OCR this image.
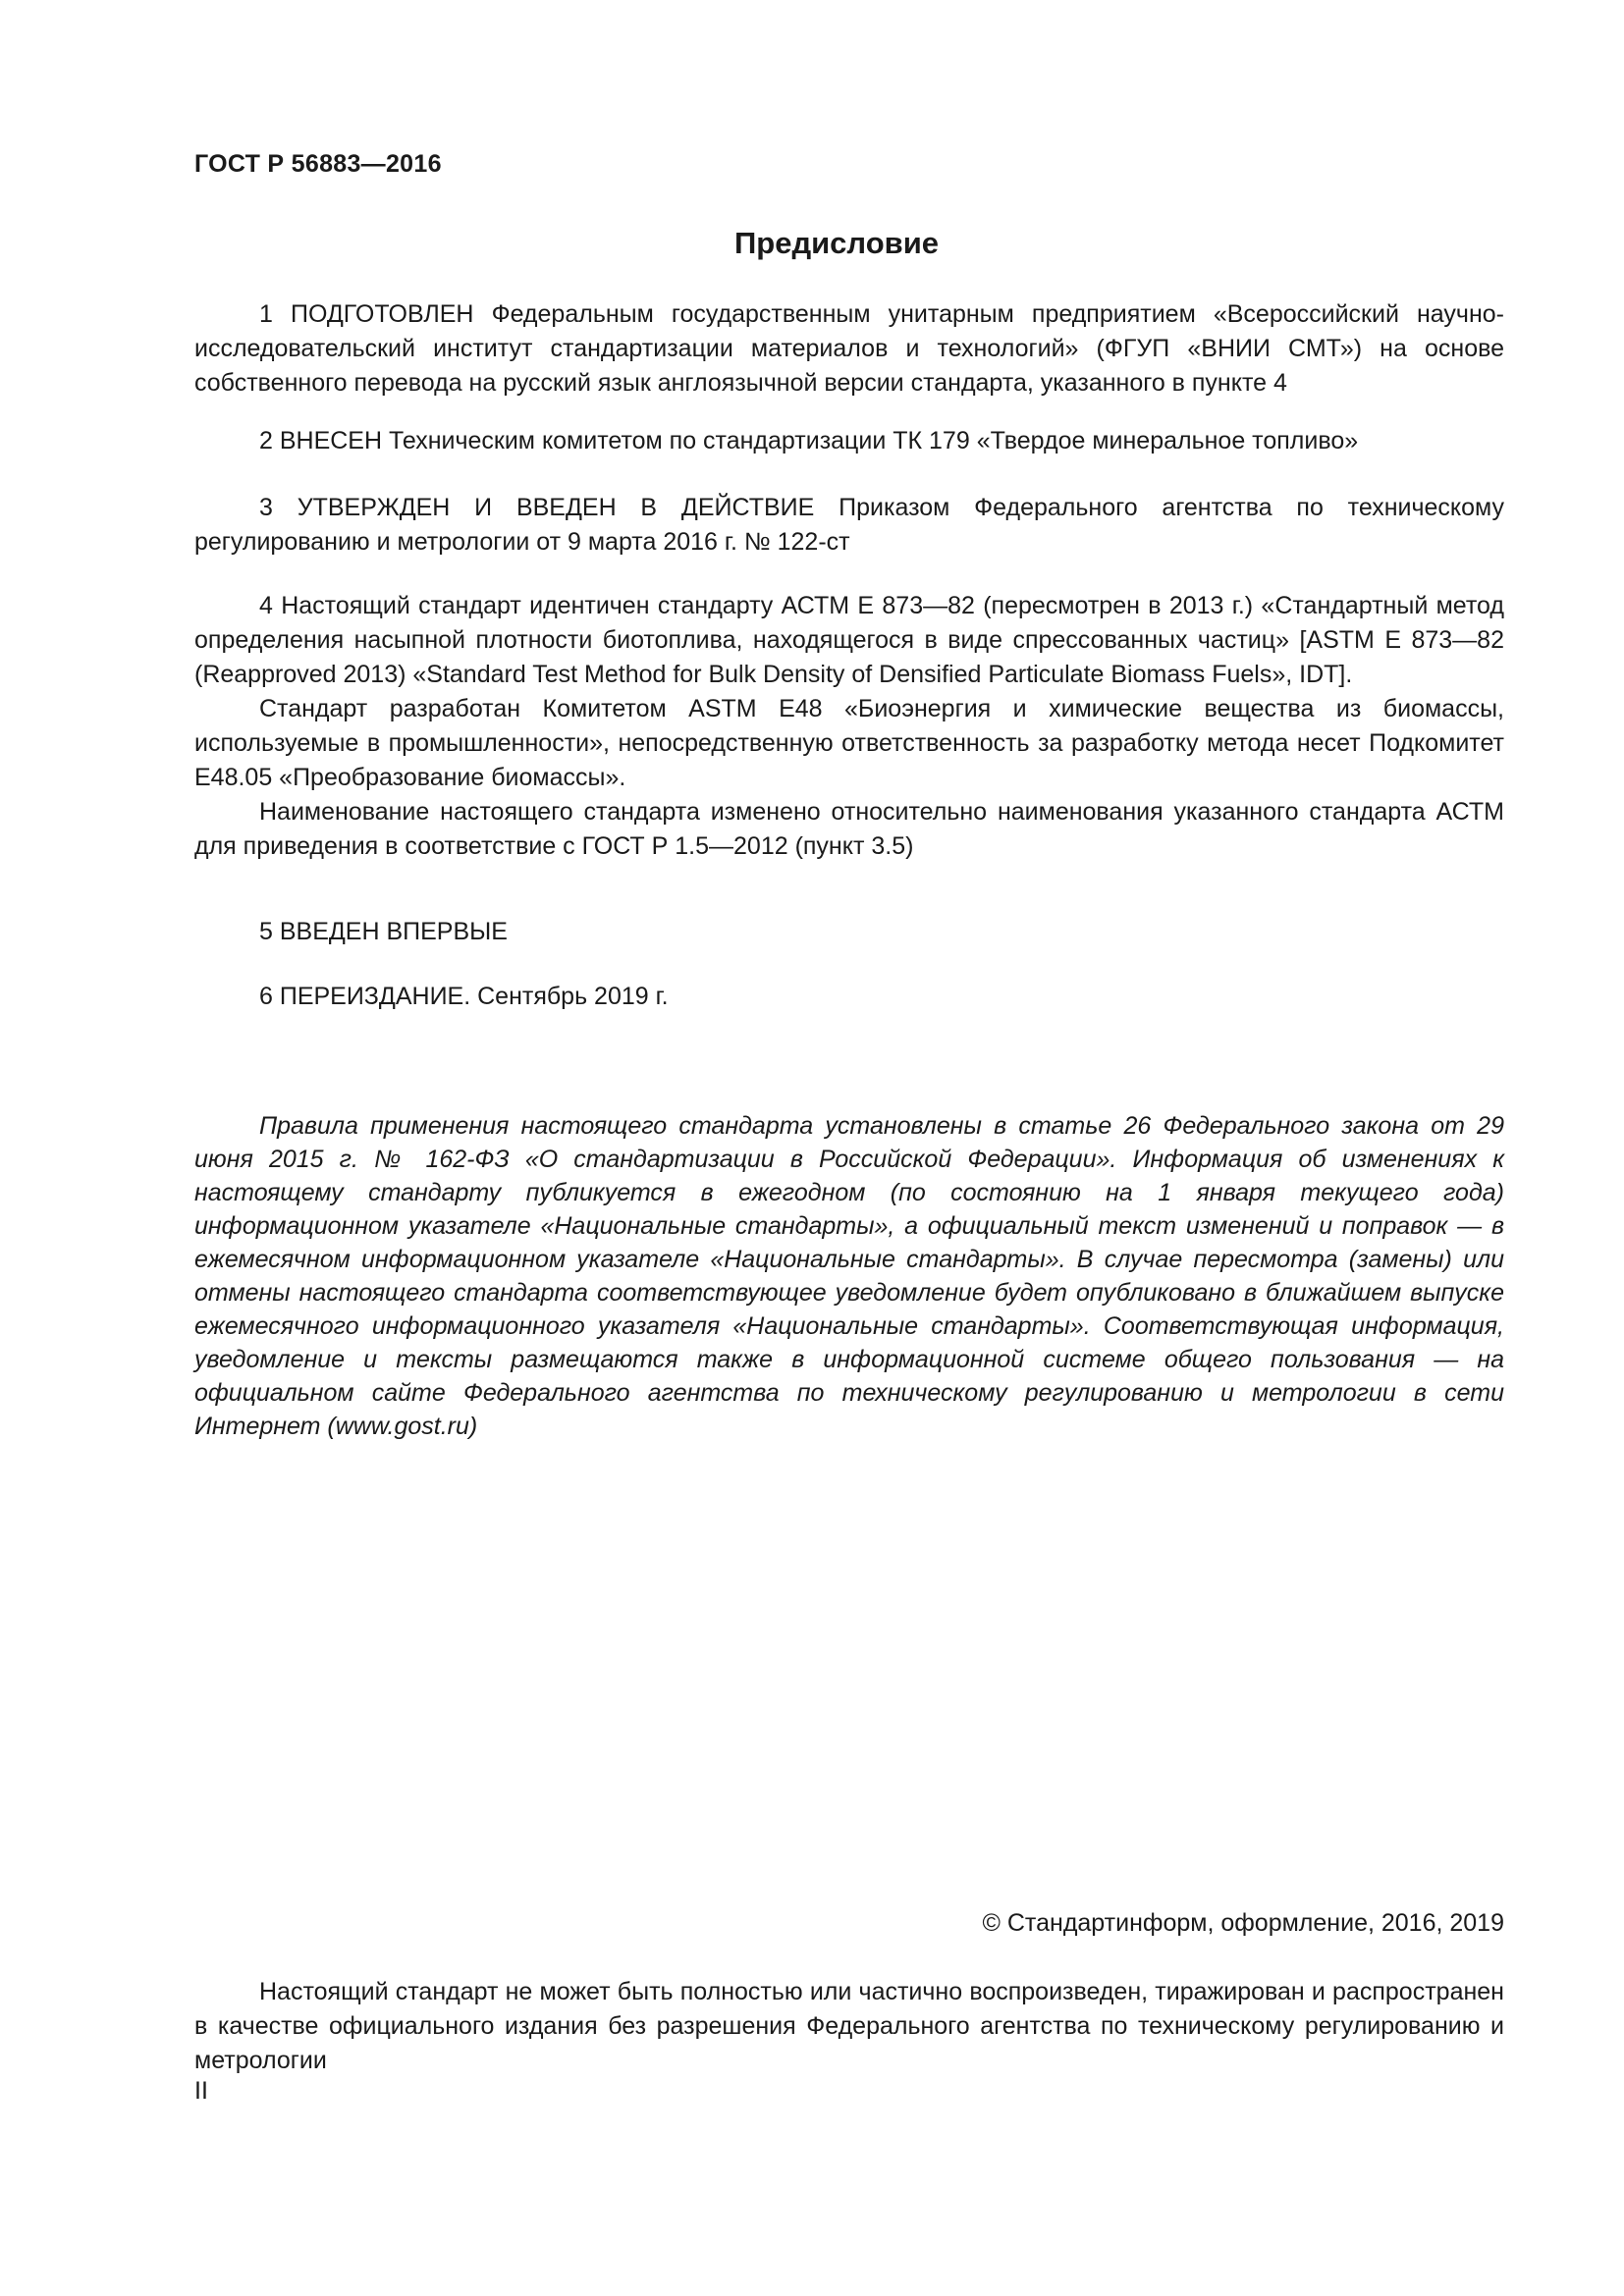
ГОСТ Р 56883—2016
Предисловие

1 ПОДГОТОВЛЕН Федеральным государственным унитарным предприятием «Всероссийский научно-исследовательский институт стандартизации материалов и технологий» (ФГУП «ВНИИ СМТ») на основе собственного перевода на русский язык англоязычной версии стандарта, указанного в пункте 4

2 ВНЕСЕН Техническим комитетом по стандартизации ТК 179 «Твердое минеральное топливо»

3 УТВЕРЖДЕН И ВВЕДЕН В ДЕЙСТВИЕ Приказом Федерального агентства по техническому регулированию и метрологии от 9 марта 2016 г. № 122-ст

4 Настоящий стандарт идентичен стандарту АСТМ Е 873—82 (пересмотрен в 2013 г.) «Стандартный метод определения насыпной плотности биотоплива, находящегося в виде спрессованных частиц» [ASTM E 873—82 (Reapproved 2013) «Standard Test Method for Bulk Density of Densified Particulate Biomass Fuels», IDT].

Стандарт разработан Комитетом ASTM E48 «Биоэнергия и химические вещества из биомассы, используемые в промышленности», непосредственную ответственность за разработку метода несет Подкомитет E48.05 «Преобразование биомассы».

Наименование настоящего стандарта изменено относительно наименования указанного стандарта АСТМ для приведения в соответствие с ГОСТ Р 1.5—2012 (пункт 3.5)

5 ВВЕДЕН ВПЕРВЫЕ

6 ПЕРЕИЗДАНИЕ. Сентябрь 2019 г.

Правила применения настоящего стандарта установлены в статье 26 Федерального закона от 29 июня 2015 г. № 162-ФЗ «О стандартизации в Российской Федерации». Информация об изменениях к настоящему стандарту публикуется в ежегодном (по состоянию на 1 января текущего года) информационном указателе «Национальные стандарты», а официальный текст изменений и поправок — в ежемесячном информационном указателе «Национальные стандарты». В случае пересмотра (замены) или отмены настоящего стандарта соответствующее уведомление будет опубликовано в ближайшем выпуске ежемесячного информационного указателя «Национальные стандарты». Соответствующая информация, уведомление и тексты размещаются также в информационной системе общего пользования — на официальном сайте Федерального агентства по техническому регулированию и метрологии в сети Интернет (www.gost.ru)

© Стандартинформ, оформление, 2016, 2019

Настоящий стандарт не может быть полностью или частично воспроизведен, тиражирован и распространен в качестве официального издания без разрешения Федерального агентства по техническому регулированию и метрологии

II
